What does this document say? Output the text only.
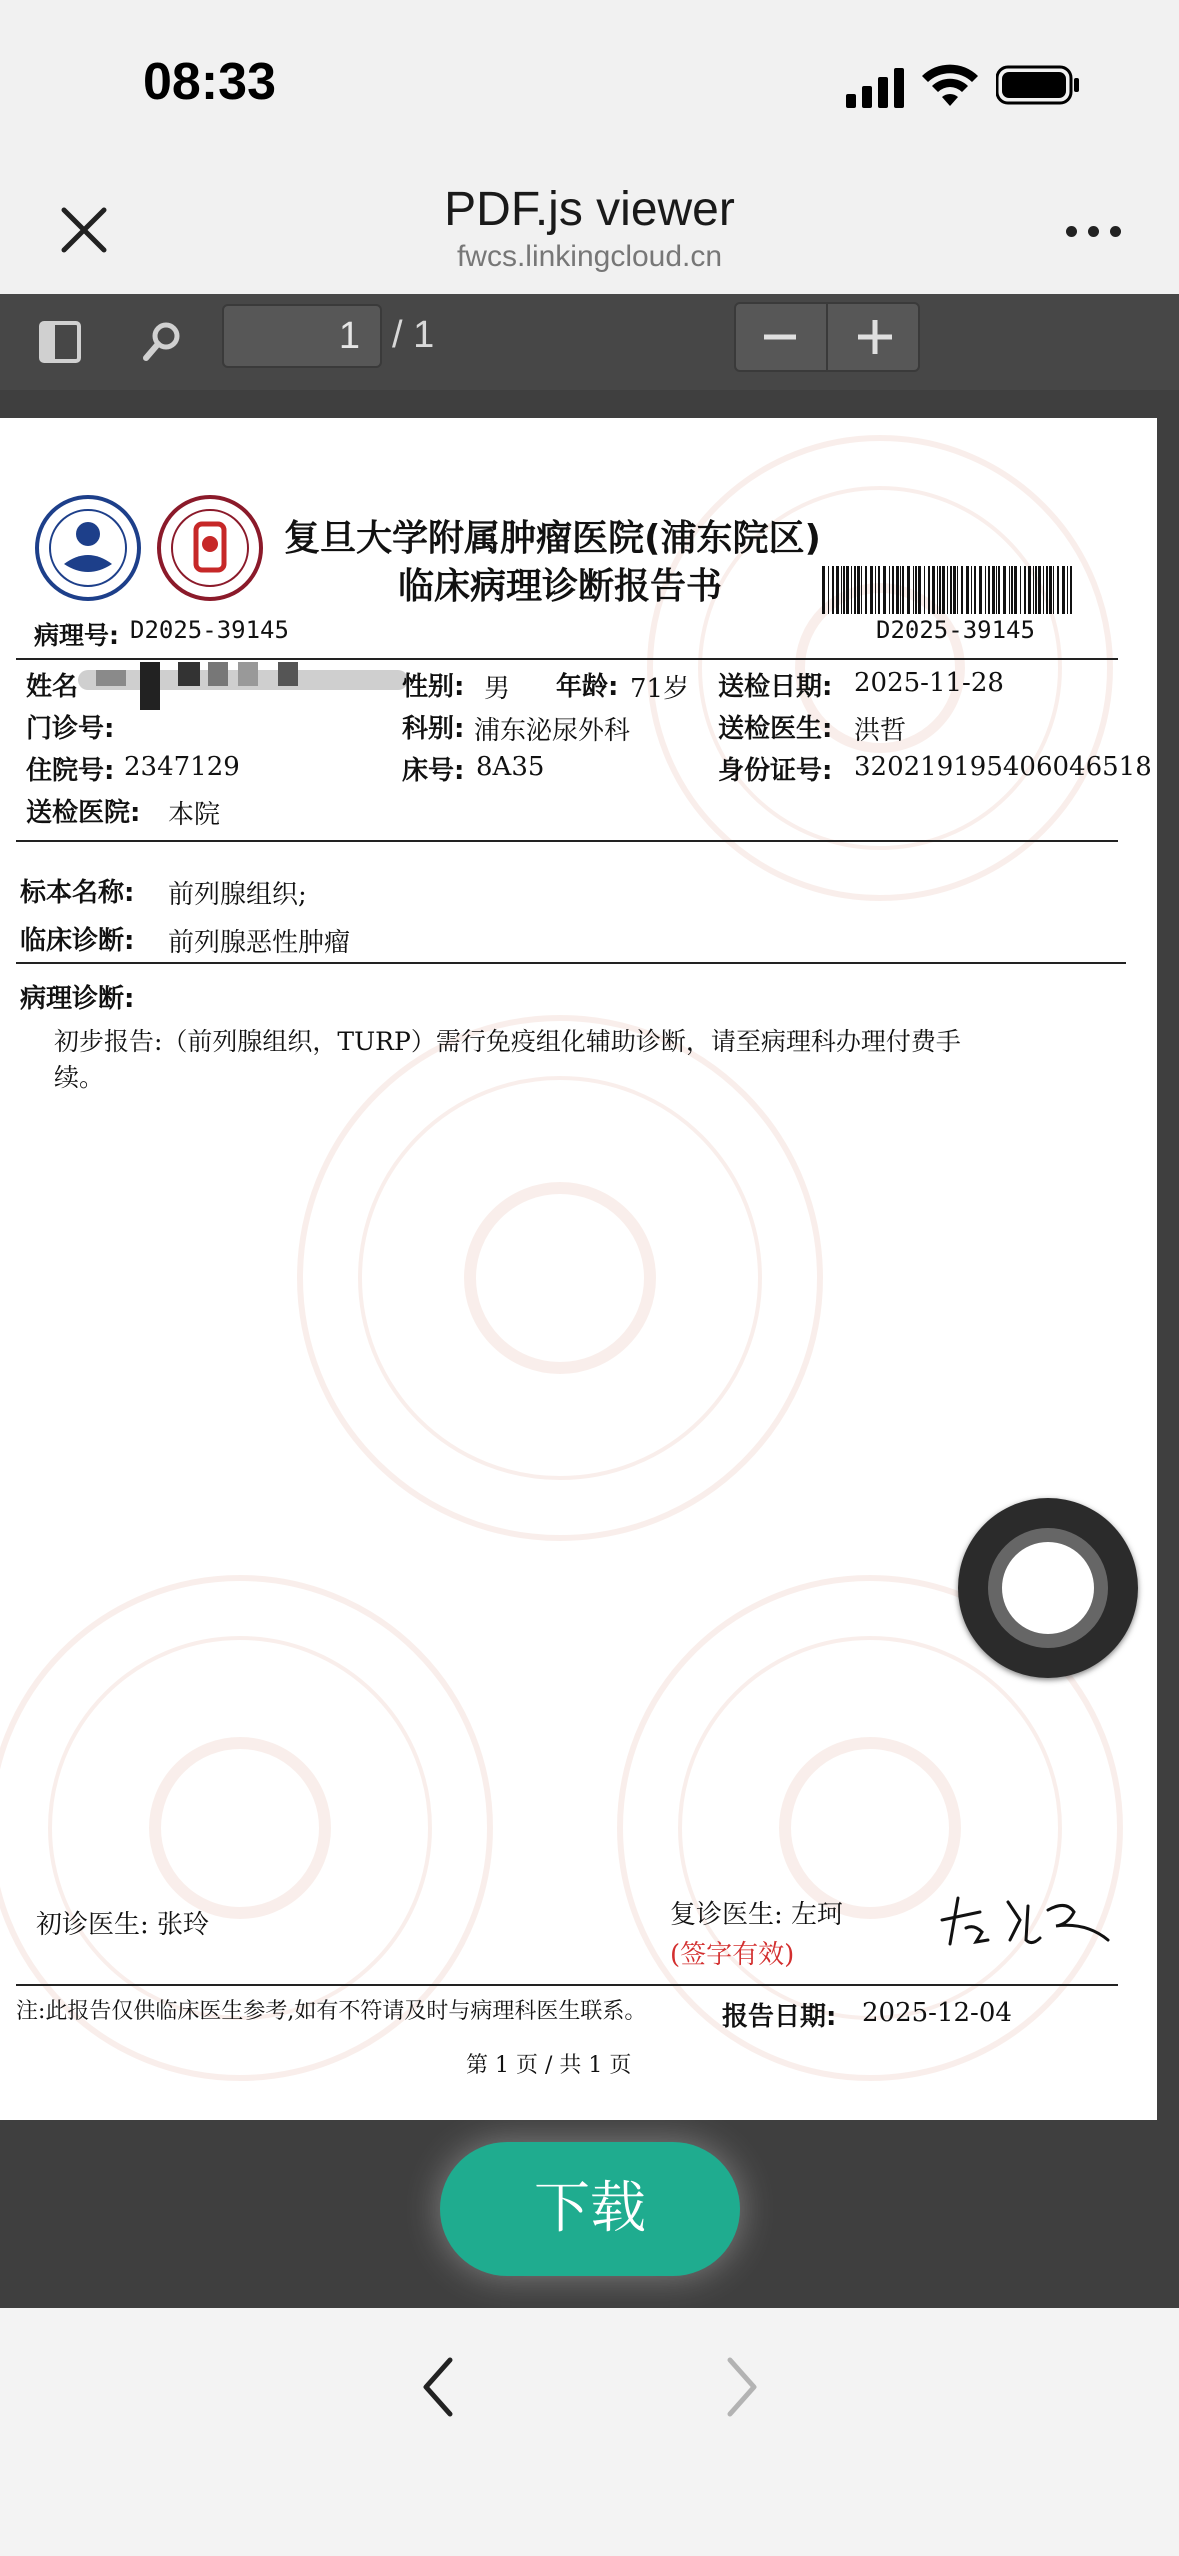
08:33
PDF.js viewer
fwcs.linkingcloud.cn
1 / 1
复旦大学附属肿瘤医院(浦东院区)
临床病理诊断报告书
D2025-39145
病理号: D2025-39145
姓名	性别: 男 年龄: 71岁 送检日期: 2025-11-28
门诊号:	科别: 浦东泌尿外科	送检医生: 洪哲
住院号: 2347129	床号: 8A35	身份证号: 320219195406046518
送检医院: 本院
标本名称: 前列腺组织;
临床诊断: 前列腺恶性肿瘤
病理诊断:
初步报告:（前列腺组织，TURP）需行免疫组化辅助诊断，请至病理科办理付费手
续。
初诊医生: 张玲	复诊医生: 左珂
(签字有效)
注:此报告仅供临床医生参考,如有不符请及时与病理科医生联系。	报告日期: 2025-12-04
第 1 页 / 共 1 页
下载
